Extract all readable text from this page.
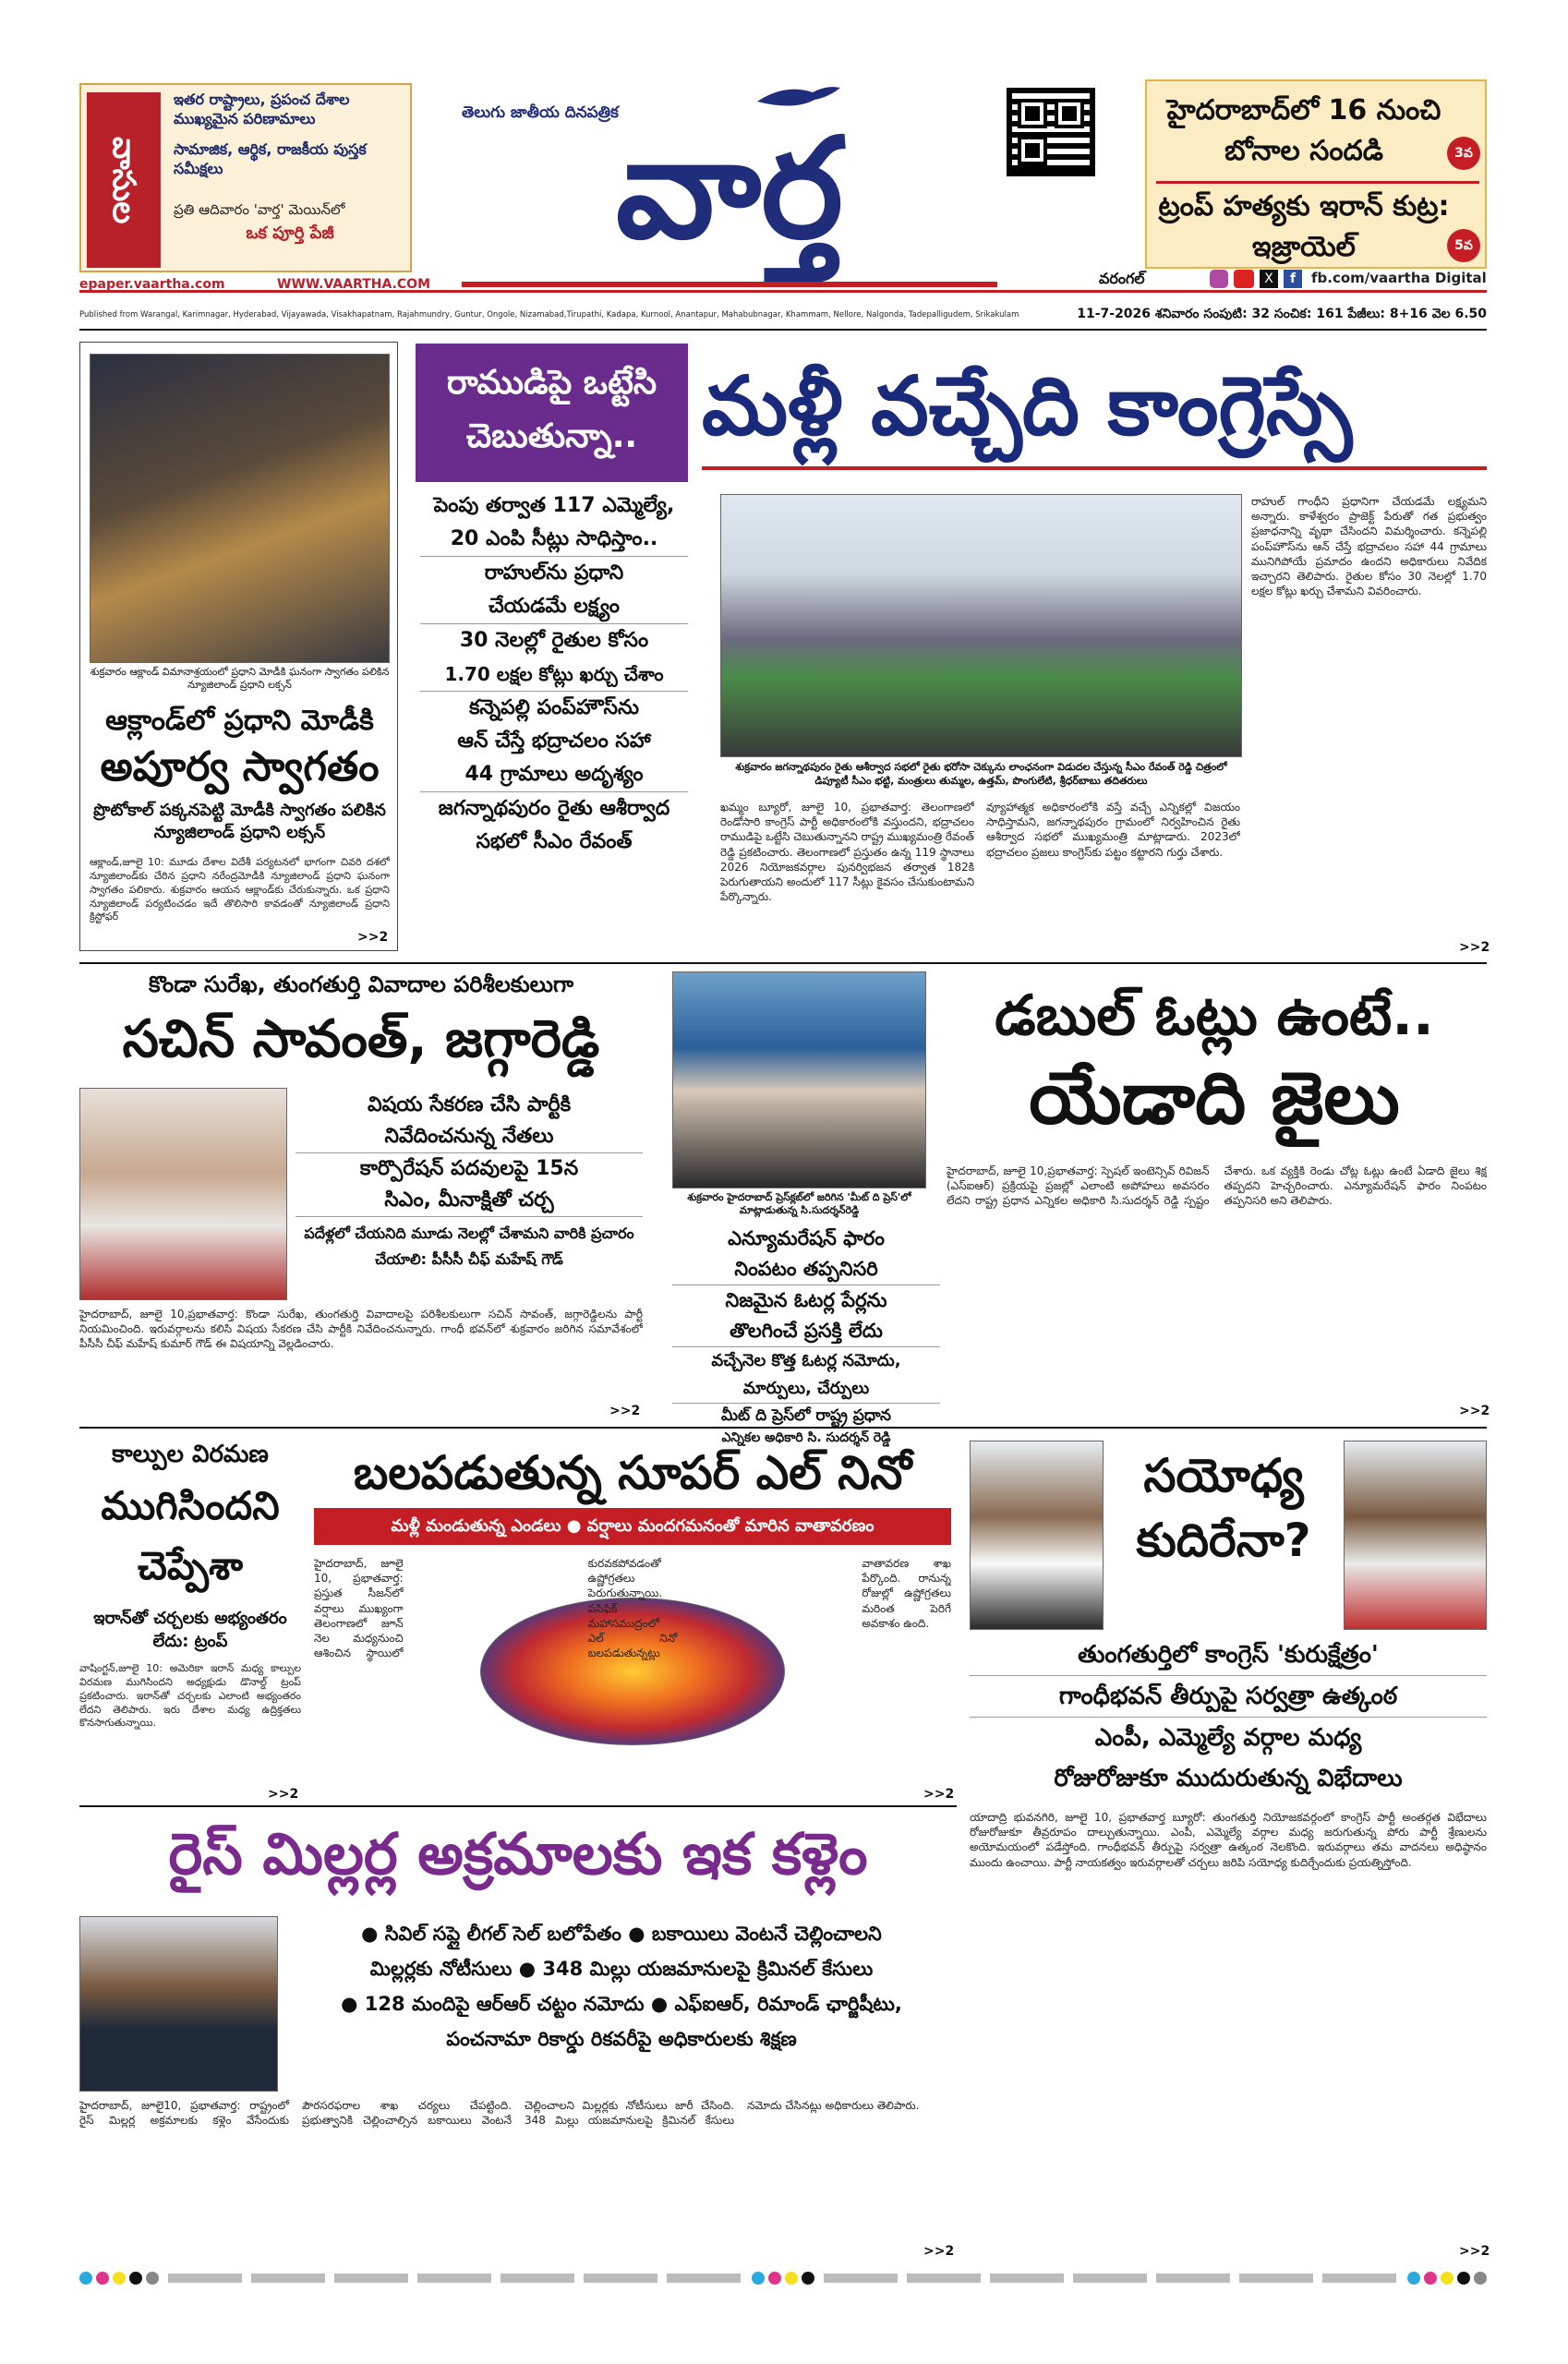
వాసుల
ఇతర రాష్ట్రాలు, ప్రపంచ దేశాల ముఖ్యమైన పరిణామాలు
సామాజిక, ఆర్థిక, రాజకీయ పుస్తక సమీక్షలు
ప్రతి ఆదివారం 'వార్త' మెయిన్‌లో
ఒక పూర్తి పేజీ
తెలుగు జాతీయ దినపత్రిక
వార్త	హైదరాబాద్‌లో 16 నుంచి బోనాల సందడి	3వ
ట్రంప్ హత్యకు ఇరాన్ కుట్ర: ఇజ్రాయెల్	5వ
epaper.vaartha.com	WWW.VAARTHA.COM	వరంగల్	X	f	fb.com/vaartha Digital
Published from Warangal, Karimnagar, Hyderabad, Vijayawada, Visakhapatnam, Rajahmundry, Guntur, Ongole, Nizamabad,Tirupathi, Kadapa, Kurnool, Anantapur, Mahabubnagar, Khammam, Nellore, Nalgonda, Tadepalligudem, Srikakulam	11-7-2026 శనివారం సంపుటి: 32 సంచిక: 161 పేజీలు: 8+16 వెల 6.50
శుక్రవారం ఆక్లాండ్ విమానాశ్రయంలో ప్రధాని మోడీకి ఘనంగా స్వాగతం పలికిన న్యూజిలాండ్ ప్రధాని లక్సన్
ఆక్లాండ్‌లో ప్రధాని మోడీకి
అపూర్వ స్వాగతం
ప్రొటోకాల్ పక్కనపెట్టి మోడీకి స్వాగతం పలికిన న్యూజిలాండ్ ప్రధాని లక్సన్
ఆక్లాండ్,జూలై 10: మూడు దేశాల విదేశీ పర్యటనలో భాగంగా చివరి దశలో న్యూజిలాండ్‌కు చేరిన ప్రధాని నరేంద్రమోడీకి న్యూజిలాండ్ ప్రధాని ఘనంగా స్వాగతం పలికారు. శుక్రవారం ఆయన ఆక్లాండ్‌‌కు చేరుకున్నారు. ఒక ప్రధాని న్యూజిలాండ్ పర్యటించడం ఇదే తొలిసారి కావడంతో న్యూజిలాండ్ ప్రధాని క్రిస్టోఫర్
>>2
రాముడిపై ఒట్టేసి చెబుతున్నా.. మళ్లీ వచ్చేది కాంగ్రెస్సే
పెంపు తర్వాత 117 ఎమ్మెల్యే,
20 ఎంపి సీట్లు సాధిస్తాం..
రాహుల్‌ను ప్రధాని
చేయడమే లక్ష్యం
30 నెలల్లో రైతుల కోసం
1.70 లక్షల కోట్లు ఖర్చు చేశాం
కన్నెపల్లి పంప్‌హౌస్‌ను
ఆన్ చేస్తే భద్రాచలం సహా
44 గ్రామాలు అదృశ్యం
జగన్నాథపురం రైతు ఆశీర్వాద
సభలో సీఎం రేవంత్
శుక్రవారం జగన్నాథపురం రైతు ఆశీర్వాద సభలో రైతు భరోసా చెక్కును లాంఛనంగా విడుదల చేస్తున్న సీఎం రేవంత్ రెడ్డి చిత్రంలో డిప్యూటీ సీఎం భట్టి, మంత్రులు తుమ్మల, ఉత్తమ్, పొంగులేటి, శ్రీధర్‌బాబు తదితరులు
ఖమ్మం బ్యూరో, జూలై 10, ప్రభాతవార్త: తెలంగాణలో రెండోసారి కాంగ్రెస్ పార్టీ అధికారంలోకి వస్తుందని, భద్రాచలం రాముడిపై ఒట్టేసి చెబుతున్నానని రాష్ట్ర ముఖ్యమంత్రి రేవంత్ రెడ్డి ప్రకటించారు. తెలంగాణలో ప్రస్తుతం ఉన్న 119 స్థానాలు 2026 నియోజకవర్గాల పునర్విభజన తర్వాత 182కి పెరుగుతాయని అందులో 117 సీట్లు కైవసం చేసుకుంటామని పేర్కొన్నారు.
వ్యూహాత్మక అధికారంలోకి వస్తే వచ్చే ఎన్నికల్లో విజయం సాధిస్తామని, జగన్నాథపురం గ్రామంలో నిర్వహించిన రైతు ఆశీర్వాద సభలో ముఖ్యమంత్రి మాట్లాడారు. 2023లో భద్రాచలం ప్రజలు కాంగ్రెస్‌కు పట్టం కట్టారని గుర్తు చేశారు.
రాహుల్ గాంధీని ప్రధానిగా చేయడమే లక్ష్యమని అన్నారు. కాళేశ్వరం ప్రాజెక్ట్ పేరుతో గత ప్రభుత్వం ప్రజాధనాన్ని వృథా చేసిందని విమర్శించారు. కన్నెపల్లి పంప్‌హౌస్‌ను ఆన్ చేస్తే భద్రాచలం సహా 44 గ్రామాలు మునిగిపోయే ప్రమాదం ఉందని అధికారులు నివేదిక ఇచ్చారని తెలిపారు. రైతుల కోసం 30 నెలల్లో 1.70 లక్షల కోట్లు ఖర్చు చేశామని వివరించారు.
>>2
కొండా సురేఖ, తుంగతుర్తి వివాదాల పరిశీలకులుగా
సచిన్ సావంత్, జగ్గారెడ్డి
విషయ సేకరణ చేసి పార్టీకి
నివేదించనున్న నేతలు
కార్పొరేషన్ పదవులపై 15న
సిఎం, మీనాక్షితో చర్చ
పదేళ్లలో చేయనిది మూడు నెలల్లో చేశామని వారికి ప్రచారం చేయాలి: పీసీసీ చీఫ్ మహేష్ గౌడ్
హైదరాబాద్, జూలై 10,ప్రభాతవార్త: కొండా సురేఖ, తుంగతుర్తి వివాదాలపై పరిశీలకులుగా సచిన్ సావంత్, జగ్గారెడ్డిలను పార్టీ నియమించింది. ఇరువర్గాలను కలిసి విషయ సేకరణ చేసి పార్టీకి నివేదించనున్నారు. గాంధీ భవన్‌లో శుక్రవారం జరిగిన సమావేశంలో పీసీసీ చీఫ్ మహేష్ కుమార్ గౌడ్ ఈ విషయాన్ని వెల్లడించారు.
>>2
శుక్రవారం హైదరాబాద్ ప్రెస్‌క్లబ్‌లో జరిగిన 'మీట్ ది ప్రెస్'లో మాట్లాడుతున్న సి.సుదర్శన్‌రెడ్డి
ఎన్యూమరేషన్ ఫారం
నింపటం తప్పనిసరి
నిజమైన ఓటర్ల పేర్లను
తొలగించే ప్రసక్తి లేదు
వచ్చేనెల కొత్త ఓటర్ల నమోదు,
మార్పులు, చేర్పులు
మీట్ ది ప్రెస్‌లో రాష్ట్ర ప్రధాన
ఎన్నికల అధికారి సి. సుదర్శన్ రెడ్డి
డబుల్ ఓట్లు ఉంటే..
యేడాది జైలు
హైదరాబాద్, జూలై 10,ప్రభాతవార్త: స్పెషల్ ఇంటెన్సివ్ రివిజన్ (ఎస్ఐఆర్) ప్రక్రియపై ప్రజల్లో ఎలాంటి అపోహలు అవసరం లేదని రాష్ట్ర ప్రధాన ఎన్నికల అధికారి సి.సుదర్శన్ రెడ్డి స్పష్టం చేశారు. ఒక వ్యక్తికి రెండు చోట్ల ఓట్లు ఉంటే ఏడాది జైలు శిక్ష తప్పదని హెచ్చరించారు. ఎన్యూమరేషన్ ఫారం నింపటం తప్పనిసరి అని తెలిపారు.
>>2
కాల్పుల విరమణ
ముగిసిందని
చెప్పేశా
ఇరాన్‌తో చర్చలకు అభ్యంతరం లేదు: ట్రంప్
వాషింగ్టన్,జూలై 10: అమెరికా ఇరాన్ మధ్య కాల్పుల విరమణ ముగిసిందని అధ్యక్షుడు డొనాల్డ్ ట్రంప్ ప్రకటించారు. ఇరాన్‌తో చర్చలకు ఎలాంటి అభ్యంతరం లేదని తెలిపారు. ఇరు దేశాల మధ్య ఉద్రిక్తతలు కొనసాగుతున్నాయి.
>>2
బలపడుతున్న సూపర్ ఎల్ నినో
మళ్లీ మండుతున్న ఎండలు ● వర్షాలు మందగమనంతో మారిన వాతావరణం
హైదరాబాద్, జూలై 10, ప్రభాతవార్త: ప్రస్తుత సీజన్‌లో వర్షాలు ముఖ్యంగా తెలంగాణలో జూన్ నెల మధ్యనుంచి ఆశించిన స్థాయిలో కురవకపోవడంతో ఉష్ణోగ్రతలు పెరుగుతున్నాయి. పసిఫిక్ మహాసముద్రంలో ఎల్ నినో బలపడుతున్నట్లు వాతావరణ శాఖ పేర్కొంది. రానున్న రోజుల్లో ఉష్ణోగ్రతలు మరింత పెరిగే అవకాశం ఉంది.
>>2
సయోధ్య
కుదిరేనా?
తుంగతుర్తిలో కాంగ్రెస్ 'కురుక్షేత్రం'
గాంధీభవన్ తీర్పుపై సర్వత్రా ఉత్కంఠ
ఎంపీ, ఎమ్మెల్యే వర్గాల మధ్య
రోజురోజుకూ ముదురుతున్న విభేదాలు
యాదాద్రి భువనగిరి, జూలై 10, ప్రభాతవార్త బ్యూరో: తుంగతుర్తి నియోజకవర్గంలో కాంగ్రెస్ పార్టీ అంతర్గత విభేదాలు రోజురోజుకూ తీవ్రరూపం దాల్చుతున్నాయి. ఎంపీ, ఎమ్మెల్యే వర్గాల మధ్య జరుగుతున్న పోరు పార్టీ శ్రేణులను అయోమయంలో పడేస్తోంది. గాంధీభవన్ తీర్పుపై సర్వత్రా ఉత్కంఠ నెలకొంది. ఇరువర్గాలు తమ వాదనలు అధిష్ఠానం ముందు ఉంచాయి. పార్టీ నాయకత్వం ఇరువర్గాలతో చర్చలు జరిపి సయోధ్య కుదిర్చేందుకు ప్రయత్నిస్తోంది.
>>2
రైస్ మిల్లర్ల అక్రమాలకు ఇక కళ్లెం
● సివిల్ సప్లై లీగల్ సెల్ బలోపేతం ● బకాయిలు వెంటనే చెల్లించాలని
మిల్లర్లకు నోటీసులు ● 348 మిల్లు యజమానులపై క్రిమినల్ కేసులు
● 128 మందిపై ఆర్ఆర్ చట్టం నమోదు ● ఎఫ్ఐఆర్, రిమాండ్ ఛార్జిషీటు,
పంచనామా రికార్డు రికవరీపై అధికారులకు శిక్షణ
హైదరాబాద్, జూలై10, ప్రభాతవార్త: రాష్ట్రంలో రైస్ మిల్లర్ల అక్రమాలకు కళ్లెం వేసేందుకు పౌరసరఫరాల శాఖ చర్యలు చేపట్టింది. ప్రభుత్వానికి చెల్లించాల్సిన బకాయిలు వెంటనే చెల్లించాలని మిల్లర్లకు నోటీసులు జారీ చేసింది. 348 మిల్లు యజమానులపై క్రిమినల్ కేసులు నమోదు చేసినట్లు అధికారులు తెలిపారు.
>>2
